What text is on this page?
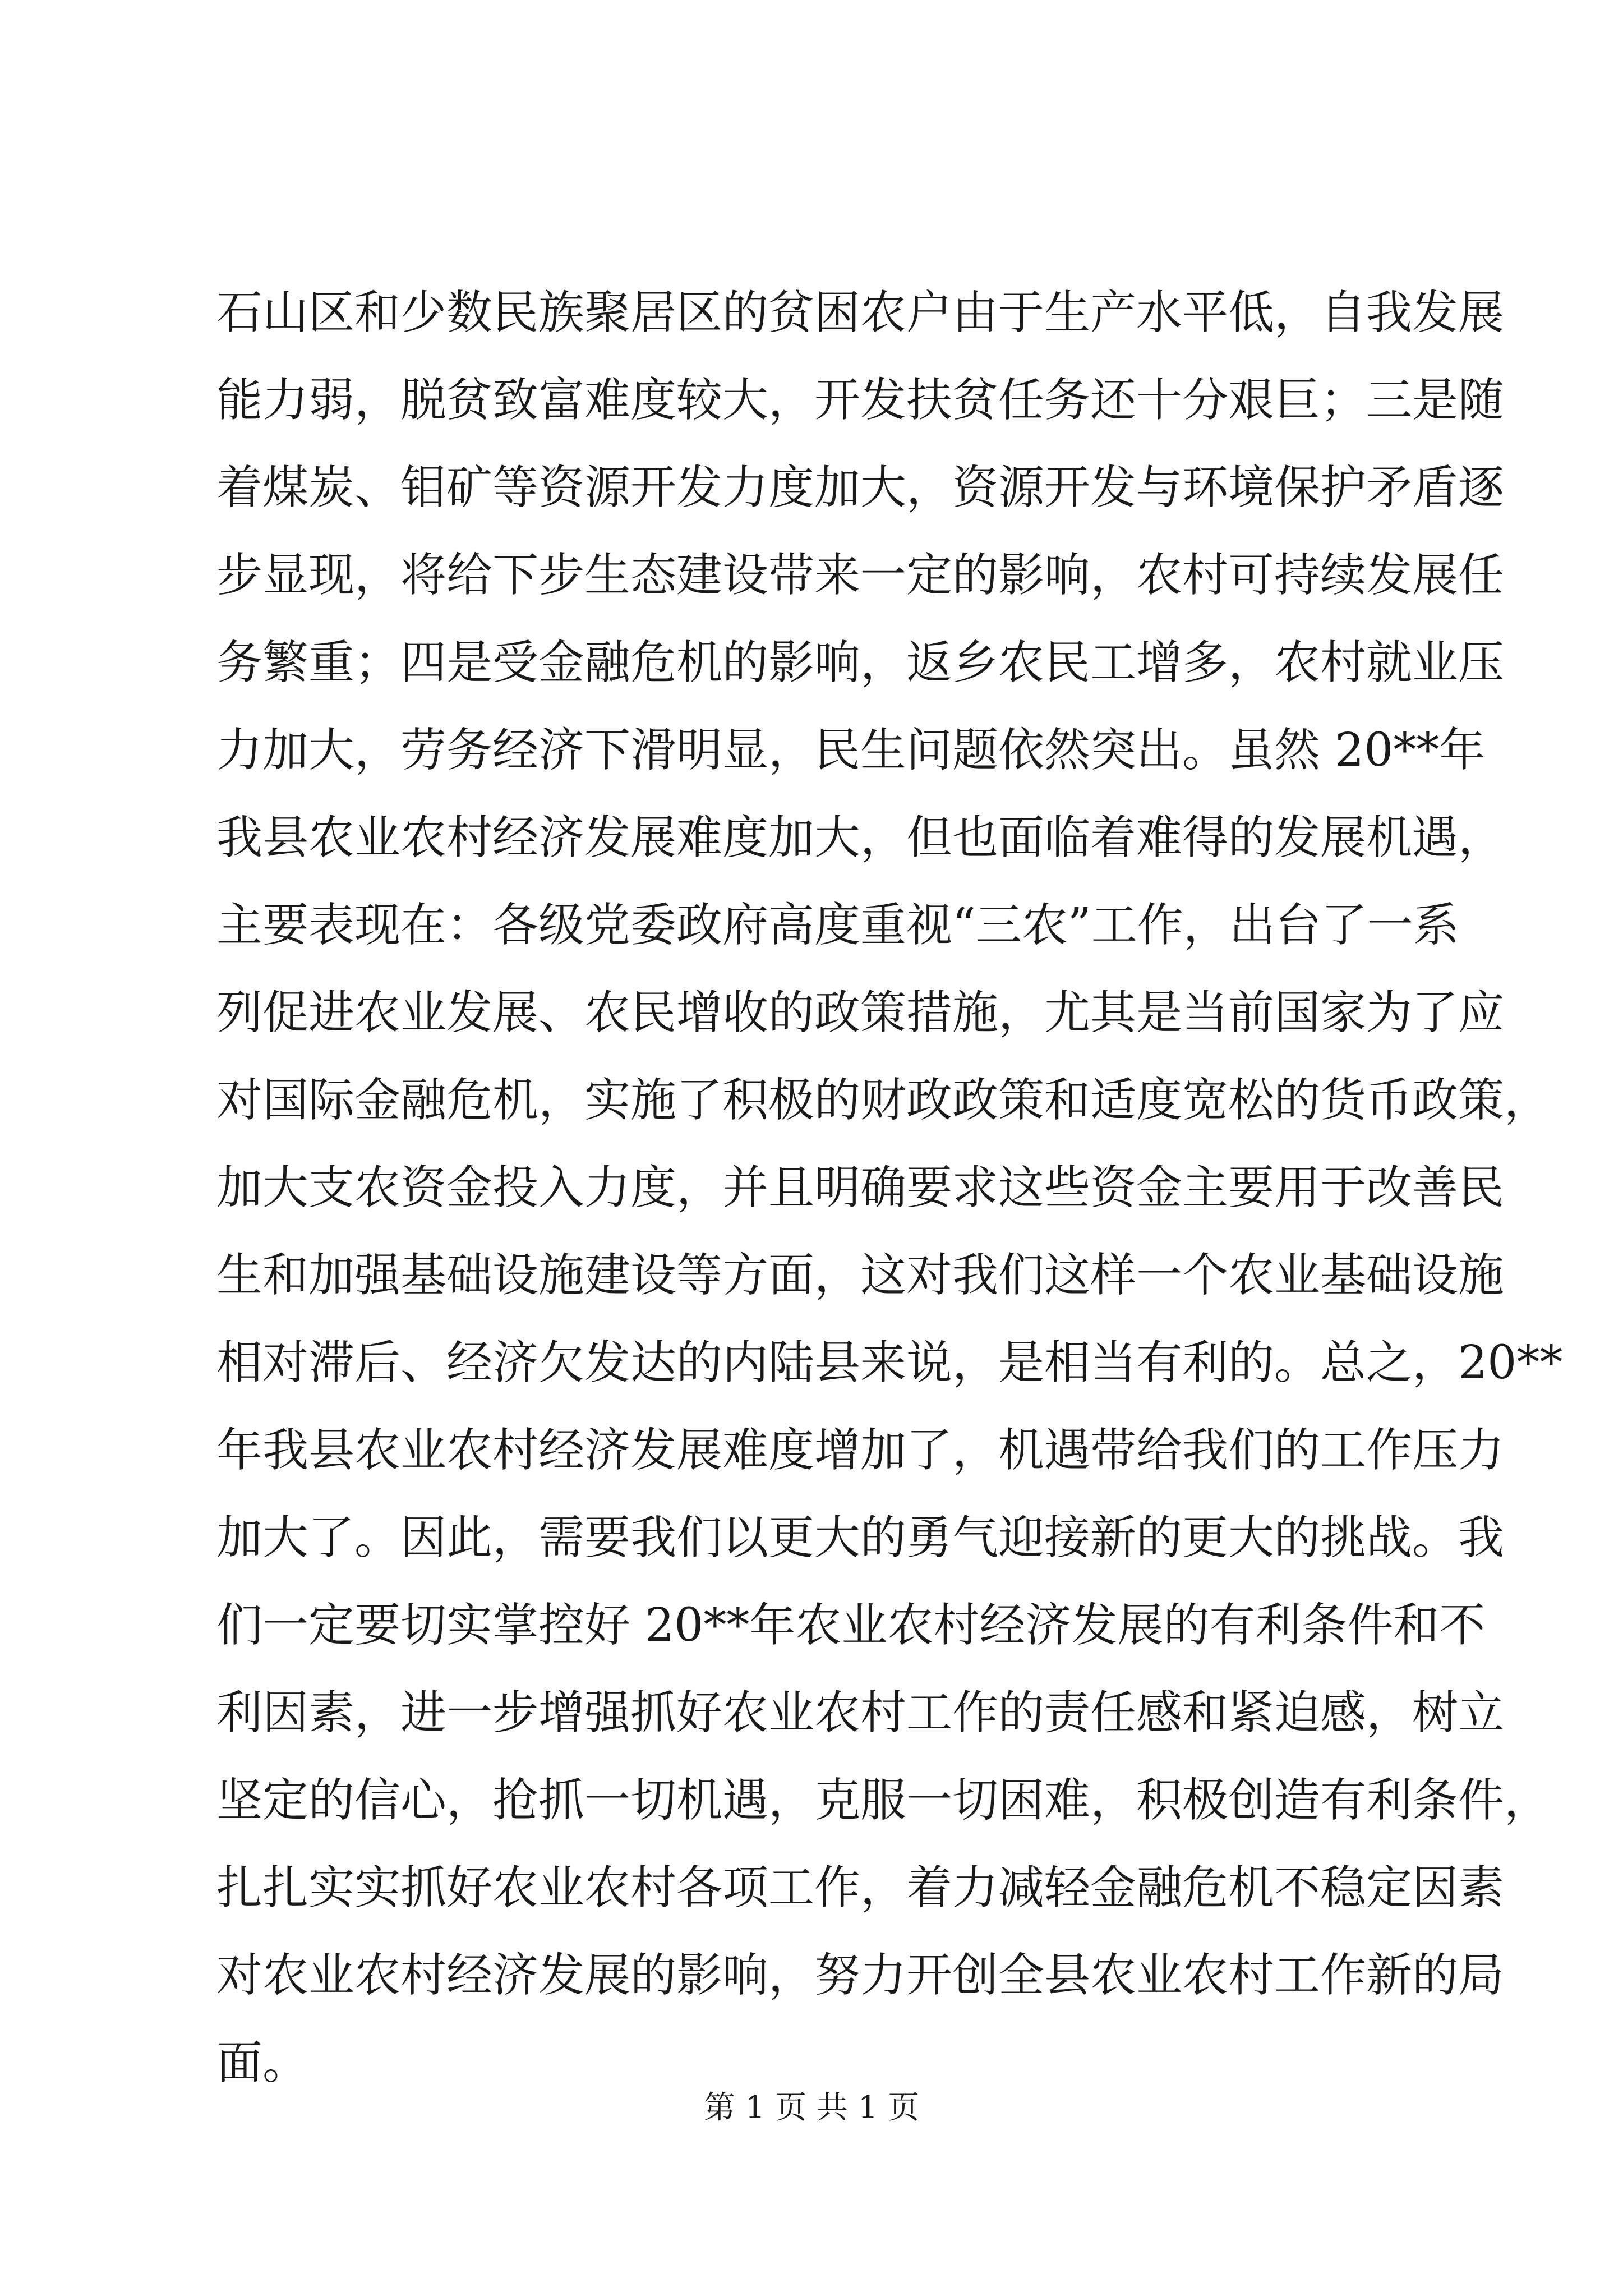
石山区和少数民族聚居区的贫困农户由于生产水平低，自我发展
能力弱，脱贫致富难度较大，开发扶贫任务还十分艰巨；三是随
着煤炭、钼矿等资源开发力度加大，资源开发与环境保护矛盾逐
步显现，将给下步生态建设带来一定的影响，农村可持续发展任
务繁重；四是受金融危机的影响，返乡农民工增多，农村就业压
力加大，劳务经济下滑明显，民生问题依然突出。虽然 20**年
我县农业农村经济发展难度加大，但也面临着难得的发展机遇，
主要表现在：各级党委政府高度重视“三农”工作，出台了一系
列促进农业发展、农民增收的政策措施，尤其是当前国家为了应
对国际金融危机，实施了积极的财政政策和适度宽松的货币政策，
加大支农资金投入力度，并且明确要求这些资金主要用于改善民
生和加强基础设施建设等方面，这对我们这样一个农业基础设施
相对滞后、经济欠发达的内陆县来说，是相当有利的。总之，20**
年我县农业农村经济发展难度增加了，机遇带给我们的工作压力
加大了。因此，需要我们以更大的勇气迎接新的更大的挑战。我
们一定要切实掌控好 20**年农业农村经济发展的有利条件和不
利因素，进一步增强抓好农业农村工作的责任感和紧迫感，树立
坚定的信心，抢抓一切机遇，克服一切困难，积极创造有利条件，
扎扎实实抓好农业农村各项工作，着力减轻金融危机不稳定因素
对农业农村经济发展的影响，努力开创全县农业农村工作新的局
面。
第 1 页 共 1 页
